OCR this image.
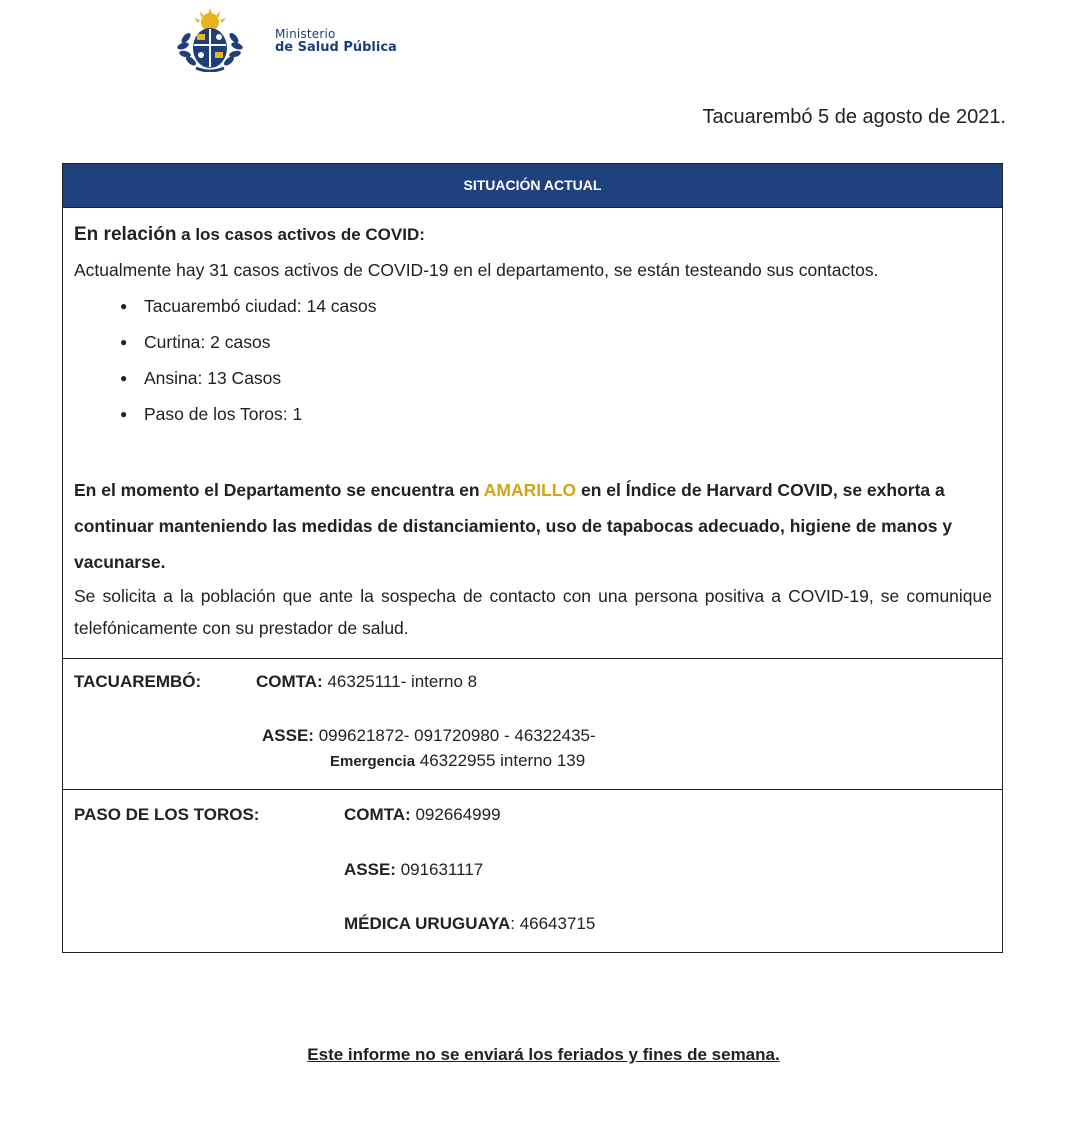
Ministerio
de Salud Pública
Tacuarembó 5 de agosto de 2021.
SITUACIÓN ACTUAL
En relación a los casos activos de COVID:

Actualmente hay 31 casos activos de COVID-19 en el departamento, se están testeando sus contactos.

● Tacuarembó ciudad: 14 casos
● Curtina: 2 casos
● Ansina: 13 Casos
● Paso de los Toros: 1
En el momento el Departamento se encuentra en AMARILLO en el Índice de Harvard COVID, se exhorta a continuar manteniendo las medidas de distanciamiento, uso de tapabocas adecuado, higiene de manos y vacunarse.

Se solicita a la población que ante la sospecha de contacto con una persona positiva a COVID-19, se comunique telefónicamente con su prestador de salud.

TACUAREMBÓ:	COMTA: 46325111- interno 8
ASSE: 099621872- 091720980 - 46322435-
Emergencia 46322955 interno 139
PASO DE LOS TOROS:	COMTA: 092664999
ASSE: 091631117
MÉDICA URUGUAYA: 46643715
Este informe no se enviará los feriados y fines de semana.
